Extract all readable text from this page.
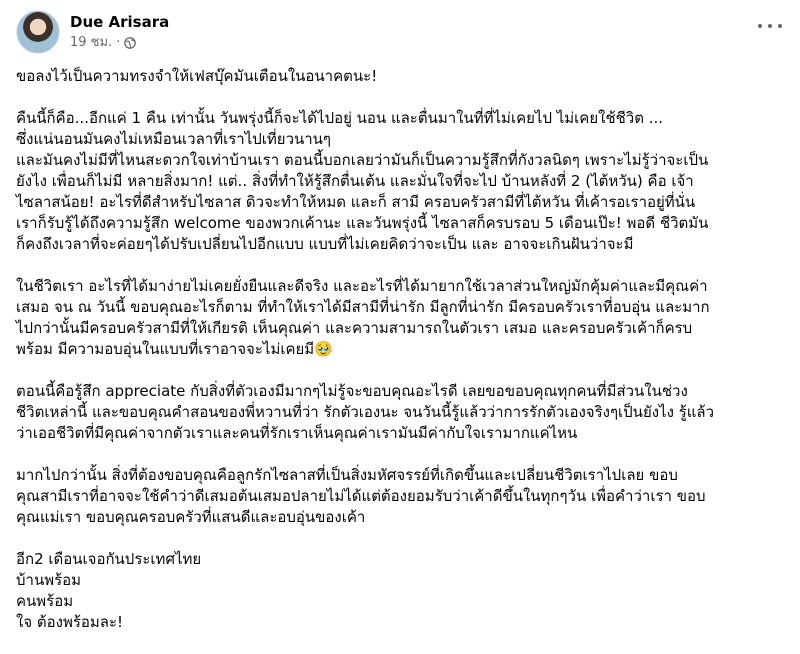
Due Arisara
19 ชม. ·
ขอลงไว้เป็นความทรงจำให้เฟสบุ๊คมันเตือนในอนาคตนะ!
คืนนี้ก็คือ...อีกแค่ 1 คืน เท่านั้น วันพรุ่งนี้ก็จะได้ไปอยู่ นอน และตื่นมาในที่ที่ไม่เคยไป ไม่เคยใช้ชีวิต ...
ซึ่งแน่นอนมันคงไม่เหมือนเวลาที่เราไปเที่ยวนานๆ
และมันคงไม่มีที่ไหนสะดวกใจเท่าบ้านเรา ตอนนี้บอกเลยว่ามันก็เป็นความรู้สึกที่กังวลนิดๆ เพราะไม่รู้ว่าจะเป็น
ยังไง เพื่อนก็ไม่มี หลายสิ่งมาก! แต่.. สิ่งที่ทำให้รู้สึกตื่นเต้น และมั่นใจที่จะไป บ้านหลังที่ 2 (ไต้หวัน) คือ เจ้า
ไซลาสน้อย! อะไรที่ดีสำหรับไซลาส ดิวจะทำให้หมด และก็ สามี ครอบครัวสามีที่ไต้หวัน ที่เค้ารอเราอยู่ที่นั่น
เราก็รับรู้ได้ถึงความรู้สึก welcome ของพวกเค้านะ และวันพรุ่งนี้ ไซลาสก็ครบรอบ 5 เดือนเป๊ะ! พอดี ชีวิตมัน
ก็คงถึงเวลาที่จะค่อยๆได้ปรับเปลี่ยนไปอีกแบบ แบบที่ไม่เคยคิดว่าจะเป็น และ อาจจะเกินฝันว่าจะมี
ในชีวิตเรา อะไรที่ได้มาง่ายไม่เคยยั่งยืนและดีจริง และอะไรที่ได้มายากใช้เวลาส่วนใหญ่มักคุ้มค่าและมีคุณค่า
เสมอ จน ณ วันนี้ ขอบคุณอะไรก็ตาม ที่ทำให้เราได้มีสามีที่น่ารัก มีลูกที่น่ารัก มีครอบครัวเราที่อบอุ่น และมาก
ไปกว่านั้นมีครอบครัวสามีที่ให้เกียรติ เห็นคุณค่า และความสามารถในตัวเรา เสมอ และครอบครัวเค้าก็ครบ
พร้อม มีความอบอุ่นในแบบที่เราอาจจะไม่เคยมี🥹
ตอนนี้คือรู้สึก appreciate กับสิ่งที่ตัวเองมีมากๆไม่รู้จะขอบคุณอะไรดี เลยขอขอบคุณทุกคนที่มีส่วนในช่วง
ชีวิตเหล่านี้ และขอบคุณคำสอนของพี่หวานที่ว่า รักตัวเองนะ จนวันนี้รู้แล้วว่าการรักตัวเองจริงๆเป็นยังไง รู้แล้ว
ว่าเออชีวิตที่มีคุณค่าจากตัวเราและคนที่รักเราเห็นคุณค่าเรามันมีค่ากับใจเรามากแค่ไหน
มากไปกว่านั้น สิ่งที่ต้องขอบคุณคือลูกรักไซลาสที่เป็นสิ่งมหัศจรรย์ที่เกิดขึ้นและเปลี่ยนชีวิตเราไปเลย ขอบ
คุณสามีเราที่อาจจะใช้คำว่าดีเสมอต้นเสมอปลายไม่ได้แต่ต้องยอมรับว่าเค้าดีขึ้นในทุกๆวัน เพื่อคำว่าเรา ขอบ
คุณแม่เรา ขอบคุณครอบครัวที่แสนดีและอบอุ่นของเค้า
อีก2 เดือนเจอกันประเทศไทย
บ้านพร้อม
คนพร้อม
ใจ ต้องพร้อมละ!
